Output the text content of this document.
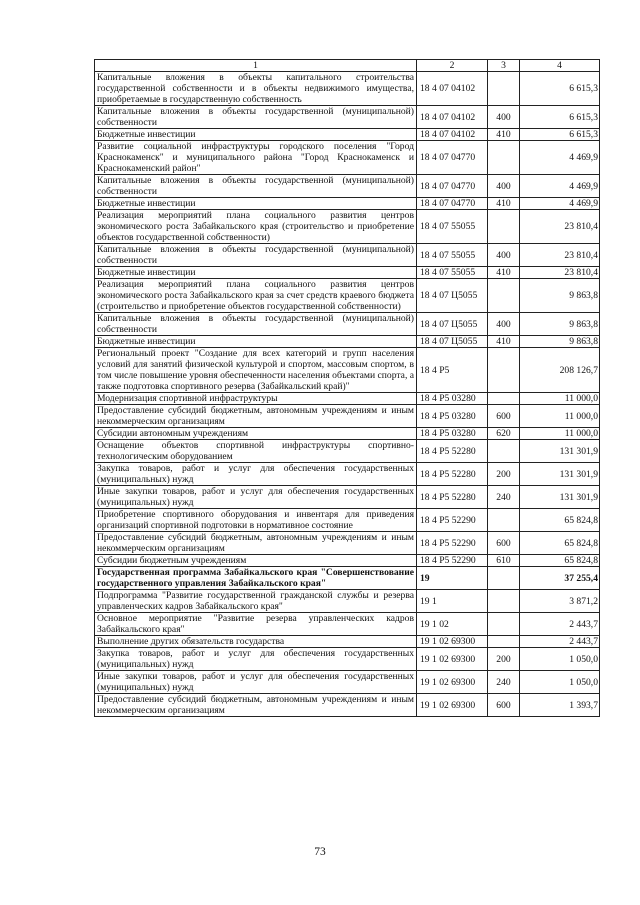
1	2	3	4
Капитальные вложения в объекты капитального строительства государственной собственности и в объекты недвижимого имущества, приобретаемые в государственную собственность	18 4 07 04102		6 615,3
Капитальные вложения в объекты государственной (муниципальной) собственности	18 4 07 04102	400	6 615,3
Бюджетные инвестиции	18 4 07 04102	410	6 615,3
Развитие социальной инфраструктуры городского поселения "Город Краснокаменск" и муниципального района "Город Краснокаменск и Краснокаменский район"	18 4 07 04770		4 469,9
Капитальные вложения в объекты государственной (муниципальной) собственности	18 4 07 04770	400	4 469,9
Бюджетные инвестиции	18 4 07 04770	410	4 469,9
Реализация мероприятий плана социального развития центров экономического роста Забайкальского края (строительство и приобретение объектов государственной собственности)	18 4 07 55055		23 810,4
Капитальные вложения в объекты государственной (муниципальной) собственности	18 4 07 55055	400	23 810,4
Бюджетные инвестиции	18 4 07 55055	410	23 810,4
Реализация мероприятий плана социального развития центров экономического роста Забайкальского края за счет средств краевого бюджета (строительство и приобретение объектов государственной собственности)	18 4 07 Ц5055		9 863,8
Капитальные вложения в объекты государственной (муниципальной) собственности	18 4 07 Ц5055	400	9 863,8
Бюджетные инвестиции	18 4 07 Ц5055	410	9 863,8
Региональный проект "Создание для всех категорий и групп населения условий для занятий физической культурой и спортом, массовым спортом, в том числе повышение уровня обеспеченности населения объектами спорта, а также подготовка спортивного резерва (Забайкальский край)"	18 4 P5		208 126,7
Модернизация спортивной инфраструктуры	18 4 P5 03280		11 000,0
Предоставление субсидий бюджетным, автономным учреждениям и иным некоммерческим организациям	18 4 P5 03280	600	11 000,0
Субсидии автономным учреждениям	18 4 P5 03280	620	11 000,0
Оснащение объектов спортивной инфраструктуры спортивно-технологическим оборудованием	18 4 P5 52280		131 301,9
Закупка товаров, работ и услуг для обеспечения государственных (муниципальных) нужд	18 4 P5 52280	200	131 301,9
Иные закупки товаров, работ и услуг для обеспечения государственных (муниципальных) нужд	18 4 P5 52280	240	131 301,9
Приобретение спортивного оборудования и инвентаря для приведения организаций спортивной подготовки в нормативное состояние	18 4 P5 52290		65 824,8
Предоставление субсидий бюджетным, автономным учреждениям и иным некоммерческим организациям	18 4 P5 52290	600	65 824,8
Субсидии бюджетным учреждениям	18 4 P5 52290	610	65 824,8
Государственная программа Забайкальского края "Совершенствование государственного управления Забайкальского края"	19		37 255,4
Подпрограмма "Развитие государственной гражданской службы и резерва управленческих кадров Забайкальского края"	19 1		3 871,2
Основное мероприятие "Развитие резерва управленческих кадров Забайкальского края"	19 1 02		2 443,7
Выполнение других обязательств государства	19 1 02 69300		2 443,7
Закупка товаров, работ и услуг для обеспечения государственных (муниципальных) нужд	19 1 02 69300	200	1 050,0
Иные закупки товаров, работ и услуг для обеспечения государственных (муниципальных) нужд	19 1 02 69300	240	1 050,0
Предоставление субсидий бюджетным, автономным учреждениям и иным некоммерческим организациям	19 1 02 69300	600	1 393,7
73
